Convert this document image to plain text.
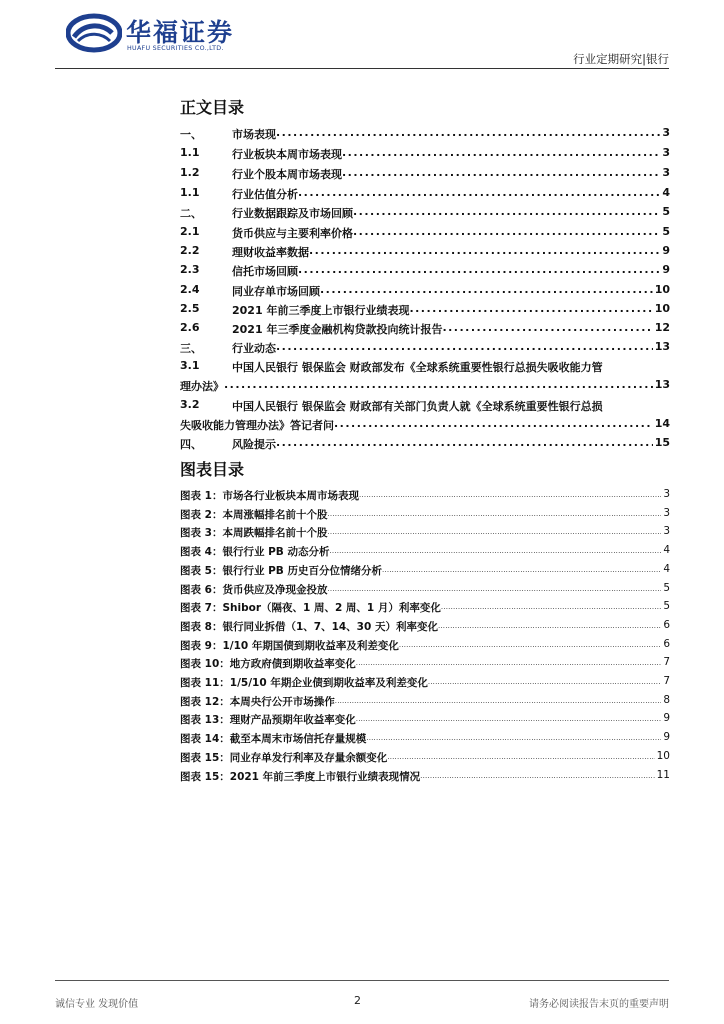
华福证券
HUAFU SECURITIES CO.,LTD.
行业定期研究|银行
正文目录
一、	市场表现 .....	3
1.1	行业板块本周市场表现 .....	3
1.2	行业个股本周市场表现 .....	3
1.1	行业估值分析 .....	4
二、	行业数据跟踪及市场回顾 .....	5
2.1	货币供应与主要利率价格 .....	5
2.2	理财收益率数据 .....	9
2.3	信托市场回顾 .....	9
2.4	同业存单市场回顾 .....	10
2.5	2021 年前三季度上市银行业绩表现 .....	10
2.6	2021 年三季度金融机构贷款投向统计报告 .....	12
三、	行业动态 .....	13
3.1	中国人民银行 银保监会 财政部发布《全球系统重要性银行总损失吸收能力管
理办法》 .....	13
3.2	中国人民银行 银保监会 财政部有关部门负责人就《全球系统重要性银行总损
失吸收能力管理办法》答记者问 .....	14
四、	风险提示 .....	15
图表目录
图表 1：市场各行业板块本周市场表现 .....	3
图表 2：本周涨幅排名前十个股 .....	3
图表 3：本周跌幅排名前十个股 .....	3
图表 4：银行行业 PB 动态分析 .....	4
图表 5：银行行业 PB 历史百分位情绪分析 .....	4
图表 6：货币供应及净现金投放 .....	5
图表 7：Shibor（隔夜、1 周、2 周、1 月）利率变化 .....	5
图表 8：银行同业拆借（1、7、14、30 天）利率变化 .....	6
图表 9：1/10 年期国债到期收益率及利差变化 .....	6
图表 10：地方政府债到期收益率变化 .....	7
图表 11：1/5/10 年期企业债到期收益率及利差变化 .....	7
图表 12：本周央行公开市场操作 .....	8
图表 13：理财产品预期年收益率变化 .....	9
图表 14：截至本周末市场信托存量规模 .....	9
图表 15：同业存单发行利率及存量余额变化 .....	10
图表 15：2021 年前三季度上市银行业绩表现情况 .....	11
诚信专业 发现价值	2	请务必阅读报告末页的重要声明
